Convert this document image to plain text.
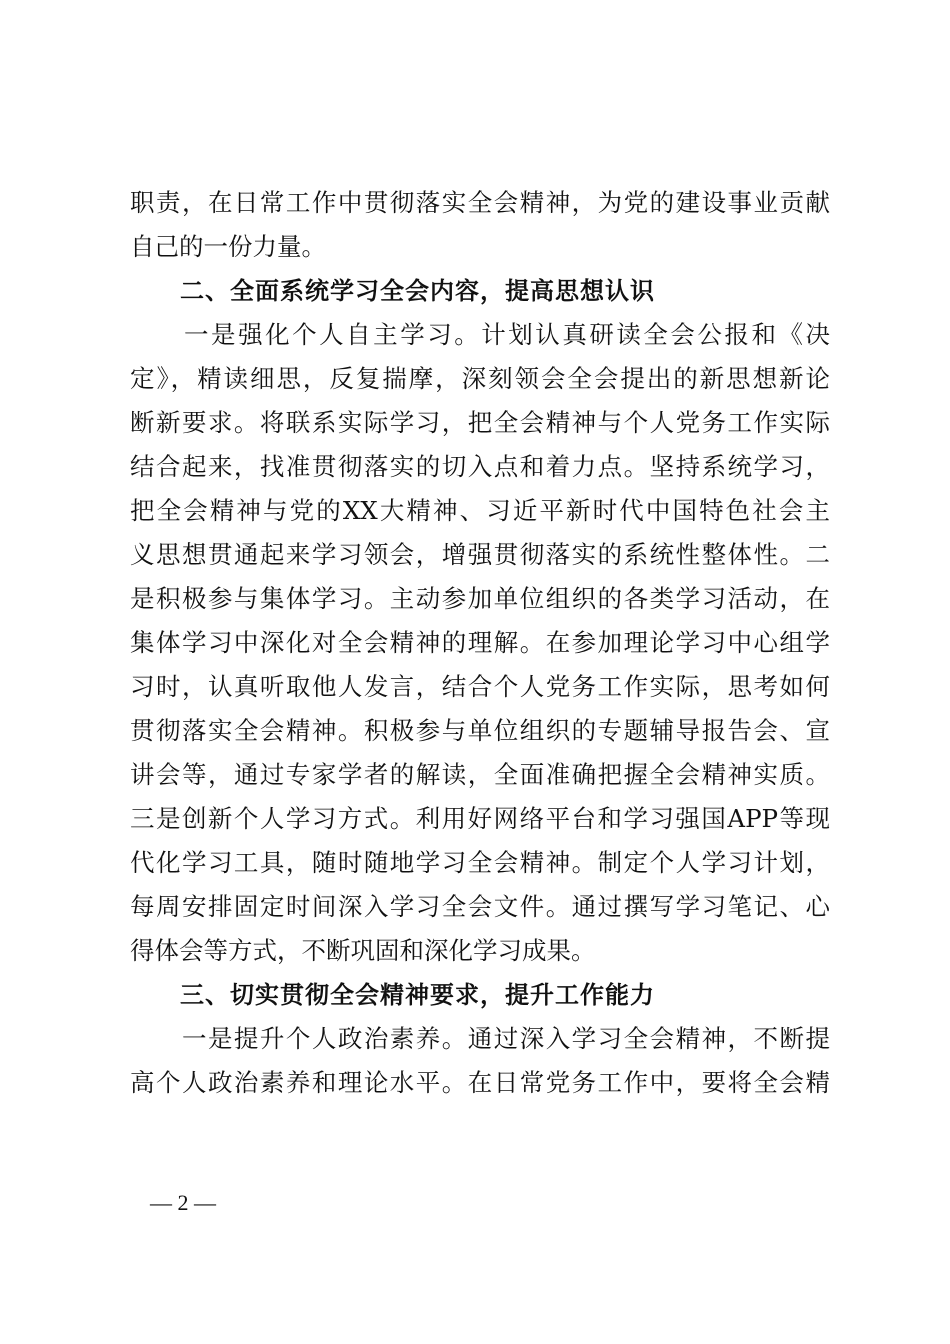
职责，在日常工作中贯彻落实全会精神，为党的建设事业贡献
自己的一份力量。
二、全面系统学习全会内容，提高思想认识
　　一是强化个人自主学习。计划认真研读全会公报和《决
定》，精读细思，反复揣摩，深刻领会全会提出的新思想新论
断新要求。将联系实际学习，把全会精神与个人党务工作实际
结合起来，找准贯彻落实的切入点和着力点。坚持系统学习，
把全会精神与党的XX大精神、习近平新时代中国特色社会主
义思想贯通起来学习领会，增强贯彻落实的系统性整体性。二
是积极参与集体学习。主动参加单位组织的各类学习活动，在
集体学习中深化对全会精神的理解。在参加理论学习中心组学
习时，认真听取他人发言，结合个人党务工作实际，思考如何
贯彻落实全会精神。积极参与单位组织的专题辅导报告会、宣
讲会等，通过专家学者的解读，全面准确把握全会精神实质。
三是创新个人学习方式。利用好网络平台和学习强国APP等现
代化学习工具，随时随地学习全会精神。制定个人学习计划，
每周安排固定时间深入学习全会文件。通过撰写学习笔记、心
得体会等方式，不断巩固和深化学习成果。
三、切实贯彻全会精神要求，提升工作能力
　　一是提升个人政治素养。通过深入学习全会精神，不断提
高个人政治素养和理论水平。在日常党务工作中，要将全会精
— 2 —
